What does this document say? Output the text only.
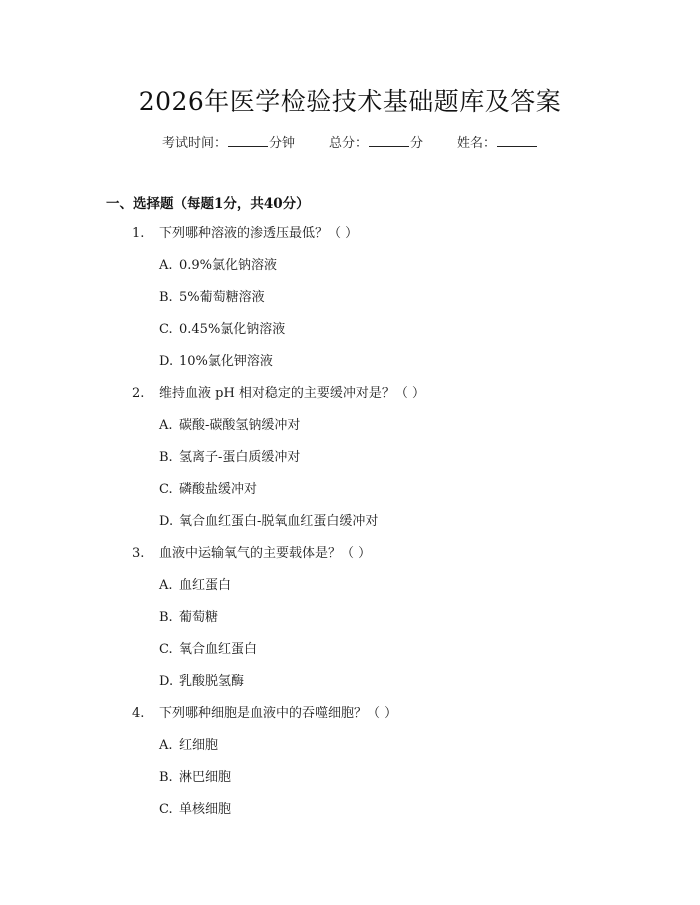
2026年医学检验技术基础题库及答案
考试时间：	分钟	总分：	分	姓名：
一、选择题（每题1分，共40分）
1. 下列哪种溶液的渗透压最低？（ ）
A. 0.9%氯化钠溶液
B. 5%葡萄糖溶液
C. 0.45%氯化钠溶液
D. 10%氯化钾溶液
2. 维持血液 pH 相对稳定的主要缓冲对是？（ ）
A. 碳酸-碳酸氢钠缓冲对
B. 氢离子-蛋白质缓冲对
C. 磷酸盐缓冲对
D. 氧合血红蛋白-脱氧血红蛋白缓冲对
3. 血液中运输氧气的主要载体是？（ ）
A. 血红蛋白
B. 葡萄糖
C. 氧合血红蛋白
D. 乳酸脱氢酶
4. 下列哪种细胞是血液中的吞噬细胞？（ ）
A. 红细胞
B. 淋巴细胞
C. 单核细胞
